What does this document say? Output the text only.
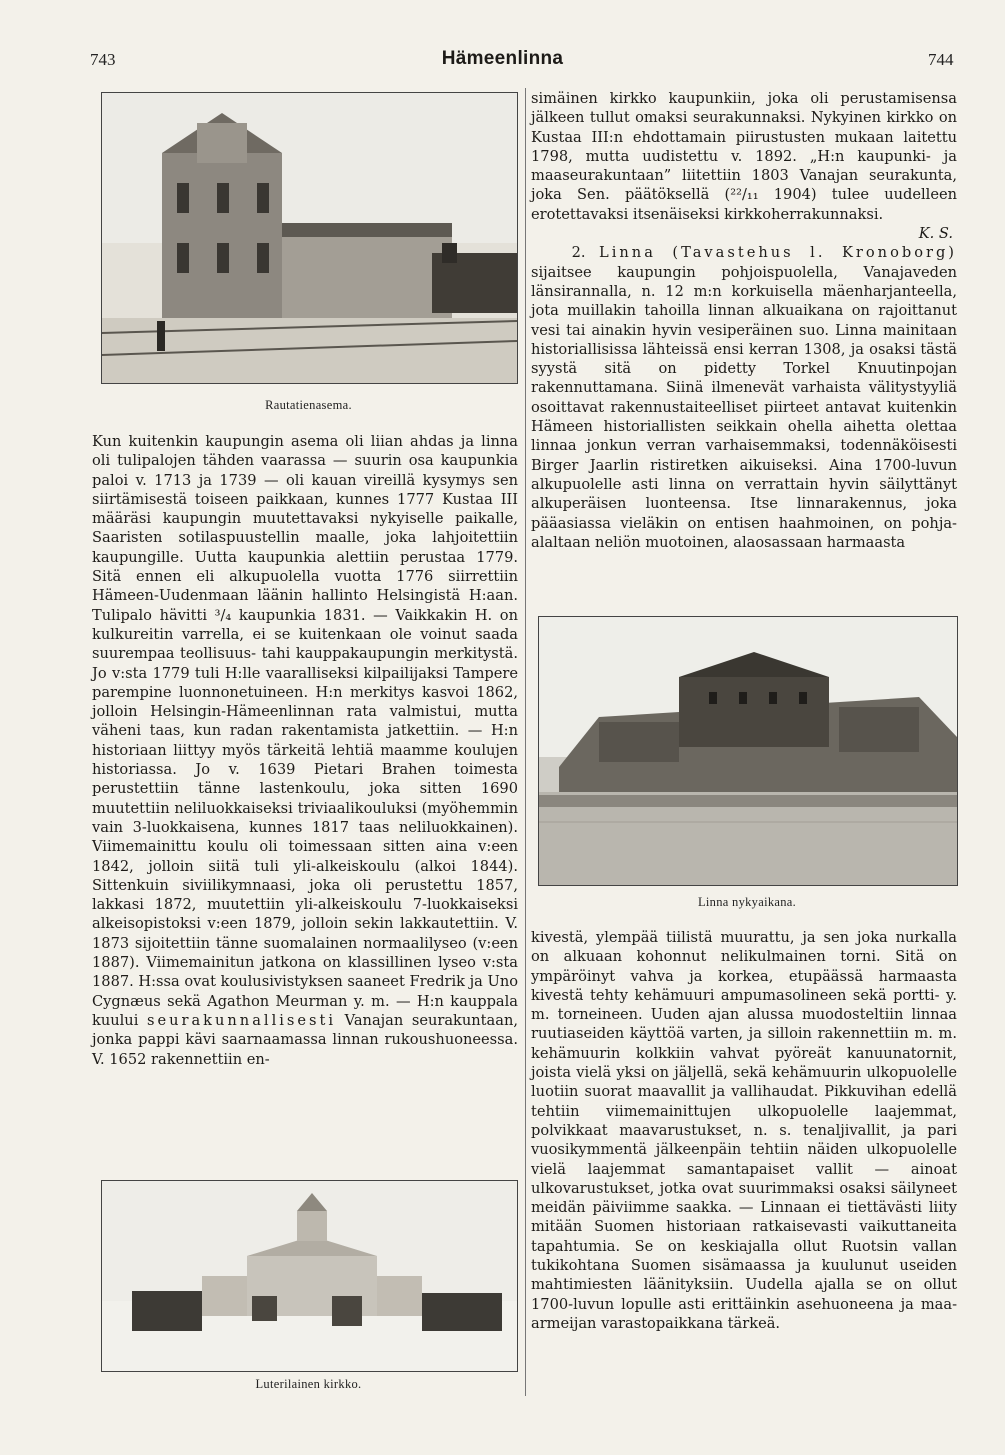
743	Hämeenlinna	744
Rautatienasema.

Kun kuitenkin kaupungin asema oli liian ahdas ja linna oli tulipalojen tähden vaarassa — suurin osa kaupunkia paloi v. 1713 ja 1739 — oli kauan vireillä kysymys sen siirtämisestä toiseen paikkaan, kunnes 1777 Kustaa III määräsi kaupungin muutettavaksi nykyiselle paikalle, Saaristen sotilaspuustellin maalle, joka lahjoitettiin kaupungille. Uutta kaupunkia alettiin perustaa 1779. Sitä ennen eli alkupuolella vuotta 1776 siirrettiin Hämeen-Uudenmaan läänin hallinto Helsingistä H:aan. Tulipalo hävitti ³/₄ kaupunkia 1831. — Vaikkakin H. on kulkureitin varrella, ei se kuitenkaan ole voinut saada suurempaa teollisuus- tahi kauppakaupungin merkitystä. Jo v:sta 1779 tuli H:lle vaaralliseksi kilpailijaksi Tampere parempine luonnonetuineen. H:n merkitys kasvoi 1862, jolloin Helsingin-Hämeenlinnan rata valmistui, mutta väheni taas, kun radan rakentamista jatkettiin. — H:n historiaan liittyy myös tärkeitä lehtiä maamme koulujen historiassa. Jo v. 1639 Pietari Brahen toimesta perustettiin tänne lastenkoulu, joka sitten 1690 muutettiin neliluokkaiseksi triviaalikouluksi (myöhemmin vain 3-luokkaisena, kunnes 1817 taas neliluokkainen). Viimemainittu koulu oli toimessaan sitten aina v:een 1842, jolloin siitä tuli yli-alkeiskoulu (alkoi 1844). Sittenkuin siviilikymnaasi, joka oli perustettu 1857, lakkasi 1872, muutettiin yli-alkeiskoulu 7-luokkaiseksi alkeisopistoksi v:een 1879, jolloin sekin lakkautettiin. V. 1873 sijoitettiin tänne suomalainen normaalilyseo (v:een 1887). Viimemainitun jatkona on klassillinen lyseo v:sta 1887. H:ssa ovat koulusivistyksen saaneet Fredrik ja Uno Cygnæus sekä Agathon Meurman y. m. — H:n kauppala kuului seurakunnallisesti Vanajan seurakuntaan, jonka pappi kävi saarnaamassa linnan rukoushuoneessa. V. 1652 rakennettiin en-

Luterilainen kirkko.

simäinen kirkko kaupunkiin, joka oli perustamisensa jälkeen tullut omaksi seurakunnaksi. Nykyinen kirkko on Kustaa III:n ehdottamain piirustusten mukaan laitettu 1798, mutta uudistettu v. 1892. „H:n kaupunki- ja maaseurakuntaan” liitettiin 1803 Vanajan seurakunta, joka Sen. päätöksellä (²²/₁₁ 1904) tulee uudelleen erotettavaksi itsenäiseksi kirkkoherrakunnaksi.

K. S.

2. Linna (Tavastehus l. Kronoborg) sijaitsee kaupungin pohjoispuolella, Vanajaveden länsirannalla, n. 12 m:n korkuisella mäenharjanteella, jota muillakin tahoilla linnan alkuaikana on rajoittanut vesi tai ainakin hyvin vesiperäinen suo. Linna mainitaan historiallisissa lähteissä ensi kerran 1308, ja osaksi tästä syystä sitä on pidetty Torkel Knuutinpojan rakennuttamana. Siinä ilmenevät varhaista välitystyyliä osoittavat rakennustaiteelliset piirteet antavat kuitenkin Hämeen historiallisten seikkain ohella aihetta olettaa linnaa jonkun verran varhaisemmaksi, todennäköisesti Birger Jaarlin ristiretken aikuiseksi. Aina 1700-luvun alkupuolelle asti linna on verrattain hyvin säilyttänyt alkuperäisen luonteensa. Itse linnarakennus, joka pääasiassa vieläkin on entisen haahmoinen, on pohja-alaltaan neliön muotoinen, alaosassaan harmaasta

Linna nykyaikana.

kivestä, ylempää tiilistä muurattu, ja sen joka nurkalla on alkuaan kohonnut nelikulmainen torni. Sitä on ympäröinyt vahva ja korkea, etupäässä harmaasta kivestä tehty kehämuuri ampumasolineen sekä portti- y. m. torneineen. Uuden ajan alussa muodosteltiin linnaa ruutiaseiden käyttöä varten, ja silloin rakennettiin m. m. kehämuurin kolkkiin vahvat pyöreät kanuunatornit, joista vielä yksi on jäljellä, sekä kehämuurin ulkopuolelle luotiin suorat maavallit ja vallihaudat. Pikkuvihan edellä tehtiin viimemainittujen ulkopuolelle laajemmat, polvikkaat maavarustukset, n. s. tenaljivallit, ja pari vuosikymmentä jälkeenpäin tehtiin näiden ulkopuolelle vielä laajemmat samantapaiset vallit — ainoat ulkovarustukset, jotka ovat suurimmaksi osaksi säilyneet meidän päiviimme saakka. — Linnaan ei tiettävästi liity mitään Suomen historiaan ratkaisevasti vaikuttaneita tapahtumia. Se on keskiajalla ollut Ruotsin vallan tukikohtana Suomen sisämaassa ja kuulunut useiden mahtimiesten läänityksiin. Uudella ajalla se on ollut 1700-luvun lopulle asti erittäinkin asehuoneena ja maa-armeijan varastopaikkana tärkeä.
